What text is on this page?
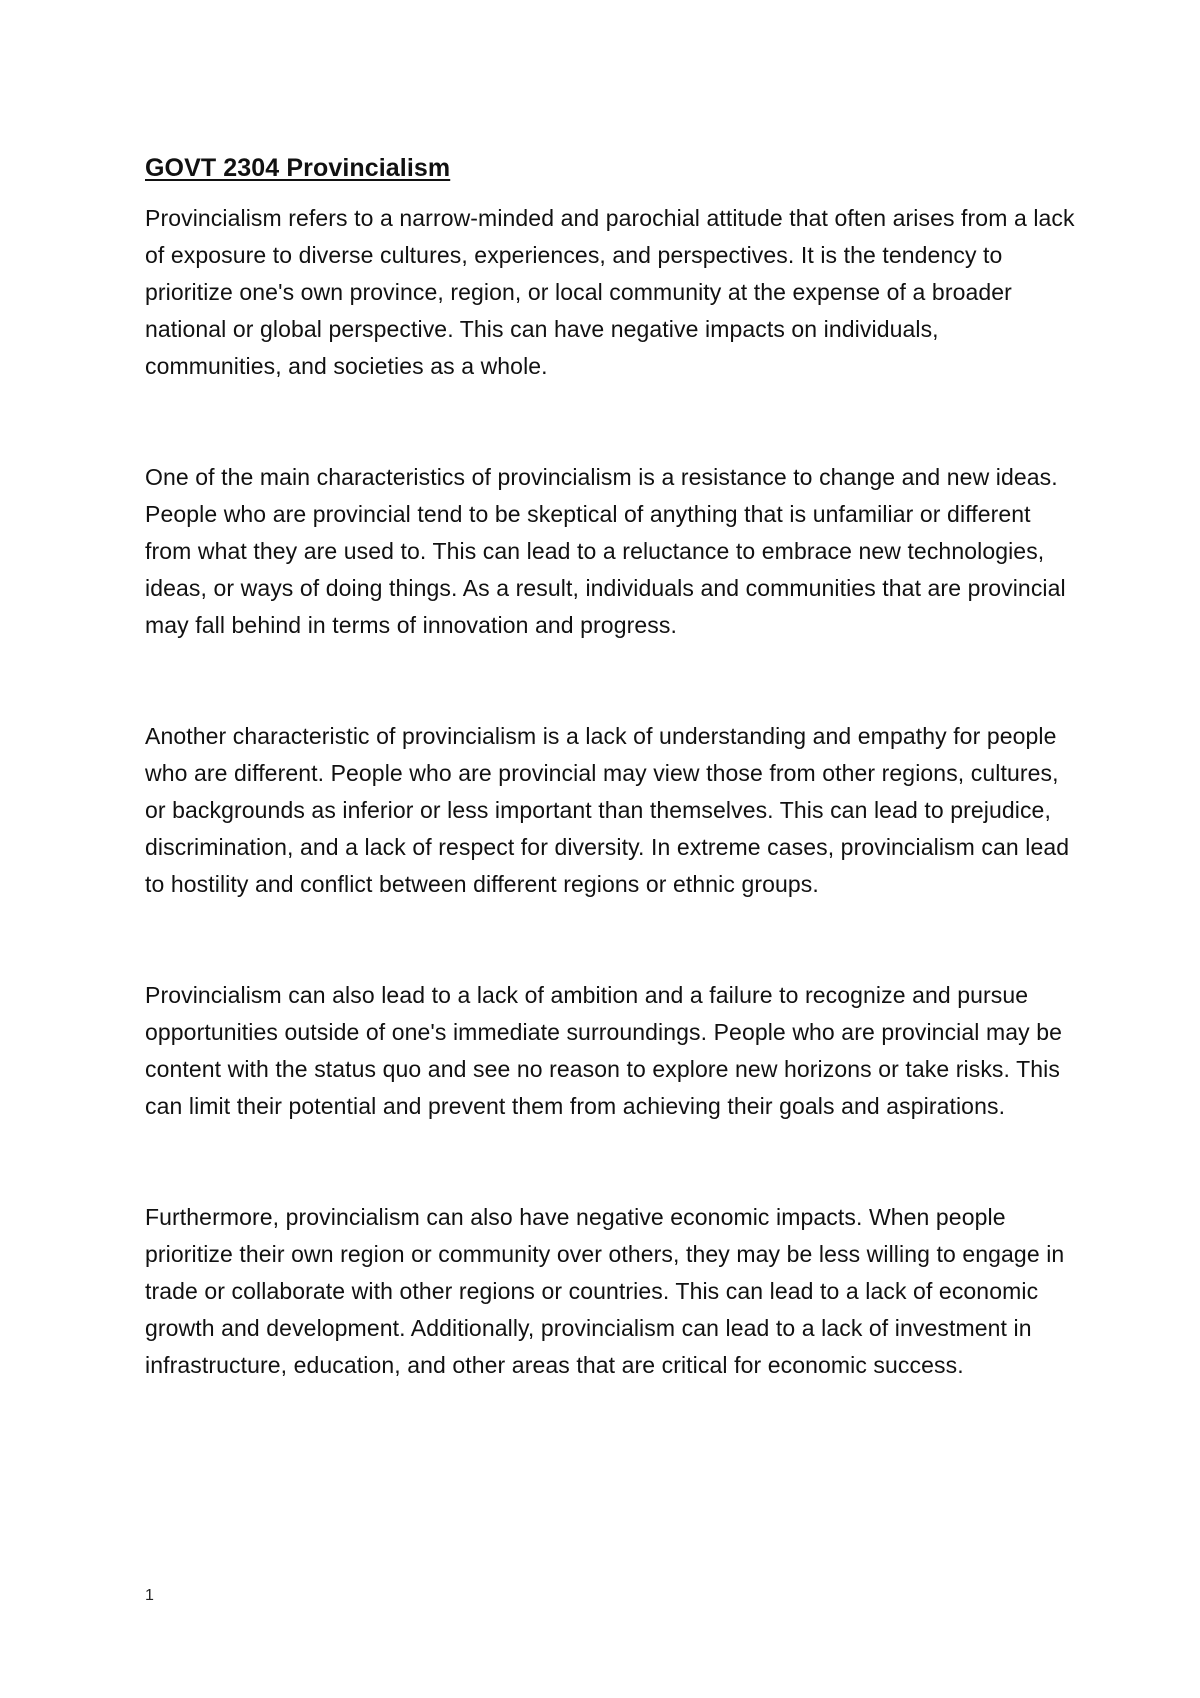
GOVT 2304 Provincialism

Provincialism refers to a narrow-minded and parochial attitude that often arises from a lack of exposure to diverse cultures, experiences, and perspectives. It is the tendency to prioritize one's own province, region, or local community at the expense of a broader national or global perspective. This can have negative impacts on individuals, communities, and societies as a whole.

One of the main characteristics of provincialism is a resistance to change and new ideas. People who are provincial tend to be skeptical of anything that is unfamiliar or different from what they are used to. This can lead to a reluctance to embrace new technologies, ideas, or ways of doing things. As a result, individuals and communities that are provincial may fall behind in terms of innovation and progress.

Another characteristic of provincialism is a lack of understanding and empathy for people who are different. People who are provincial may view those from other regions, cultures, or backgrounds as inferior or less important than themselves. This can lead to prejudice, discrimination, and a lack of respect for diversity. In extreme cases, provincialism can lead to hostility and conflict between different regions or ethnic groups.

Provincialism can also lead to a lack of ambition and a failure to recognize and pursue opportunities outside of one's immediate surroundings. People who are provincial may be content with the status quo and see no reason to explore new horizons or take risks. This can limit their potential and prevent them from achieving their goals and aspirations.

Furthermore, provincialism can also have negative economic impacts. When people prioritize their own region or community over others, they may be less willing to engage in trade or collaborate with other regions or countries. This can lead to a lack of economic growth and development. Additionally, provincialism can lead to a lack of investment in infrastructure, education, and other areas that are critical for economic success.

1
